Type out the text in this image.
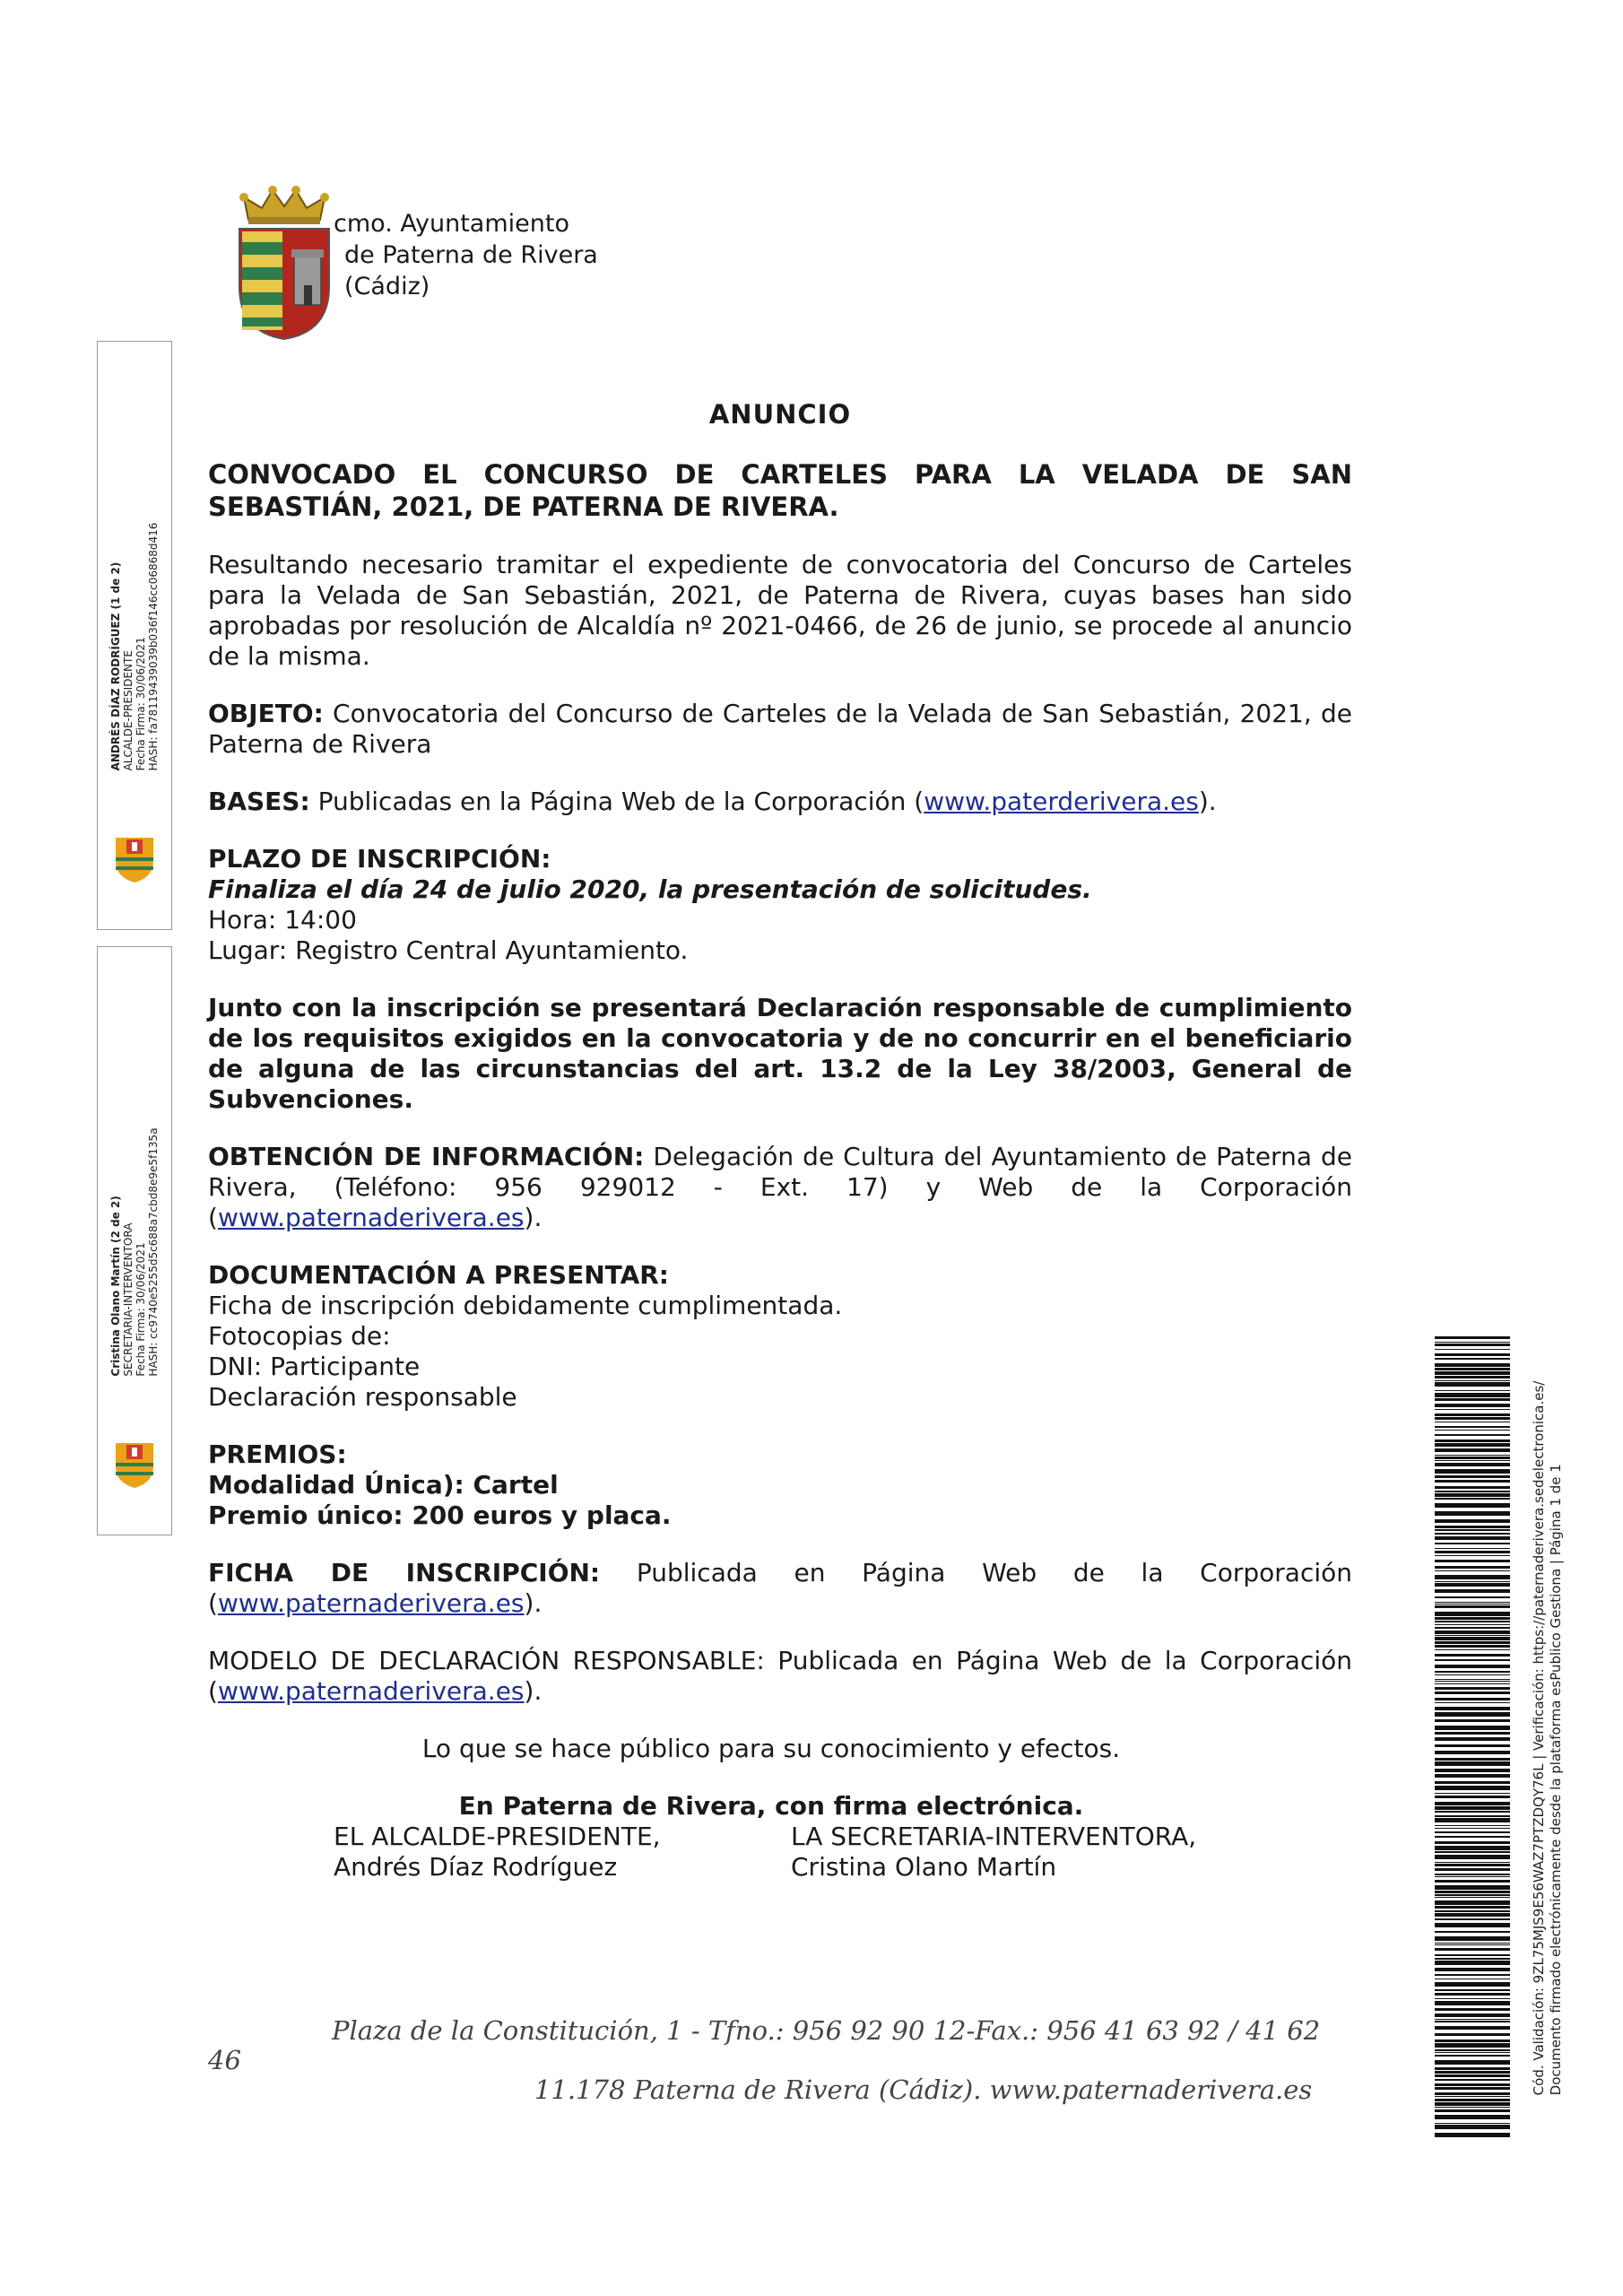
cmo. Ayuntamiento
de Paterna de Rivera
(Cádiz)
ANDRÉS DÍAZ RODRÍGUEZ (1 de 2) ALCALDE-PRESIDENTE Fecha Firma: 30/06/2021 HASH: fa78119439039b036f146cc06868d416
Cristina Olano Martín (2 de 2) SECRETARIA-INTERVENTORA Fecha Firma: 30/06/2021 HASH: cc9740e5255d5c688a7cbd8e9e5f135a
ANUNCIO

CONVOCADO EL CONCURSO DE CARTELES PARA LA VELADA DE SAN

SEBASTIÁN, 2021, DE PATERNA DE RIVERA.

Resultando necesario tramitar el expediente de convocatoria del Concurso de Carteles para la Velada de San Sebastián, 2021, de Paterna de Rivera, cuyas bases han sido aprobadas por resolución de Alcaldía nº 2021-0466, de 26 de junio, se procede al anuncio de la misma.

OBJETO: Convocatoria del Concurso de Carteles de la Velada de San Sebastián, 2021, de Paterna de Rivera

BASES: Publicadas en la Página Web de la Corporación (www.paterderivera.es).

PLAZO DE INSCRIPCIÓN:
Finaliza el día 24 de julio 2020, la presentación de solicitudes.
Hora: 14:00
Lugar: Registro Central Ayuntamiento.

Junto con la inscripción se presentará Declaración responsable de cumplimiento de los requisitos exigidos en la convocatoria y de no concurrir en el beneficiario de alguna de las circunstancias del art. 13.2 de la Ley 38/2003, General de Subvenciones.

OBTENCIÓN DE INFORMACIÓN: Delegación de Cultura del Ayuntamiento de Paterna de Rivera, (Teléfono: 956 929012 - Ext. 17) y Web de la Corporación (www.paternaderivera.es).

DOCUMENTACIÓN A PRESENTAR:
Ficha de inscripción debidamente cumplimentada.
Fotocopias de:
DNI: Participante
Declaración responsable
PREMIOS:
Modalidad Única): Cartel
Premio único: 200 euros y placa.

FICHA DE INSCRIPCIÓN: Publicada en Página Web de la Corporación (www.paternaderivera.es).

MODELO DE DECLARACIÓN RESPONSABLE: Publicada en Página Web de la Corporación (www.paternaderivera.es).

Lo que se hace público para su conocimiento y efectos.

En Paterna de Rivera, con firma electrónica.
EL ALCALDE-PRESIDENTE,
Andrés Díaz Rodríguez
LA SECRETARIA-INTERVENTORA,
Cristina Olano Martín
Plaza de la Constitución, 1 - Tfno.: 956 92 90 12-Fax.: 956 41 63 92 / 41 62
46
11.178 Paterna de Rivera (Cádiz). www.paternaderivera.es	Cód. Validación: 9ZL75MJS9E56WAZ7PTZDQY76L | Verificación: https://paternaderivera.sedelectronica.es/ Documento firmado electrónicamente desde la plataforma esPublico Gestiona | Página 1 de 1
